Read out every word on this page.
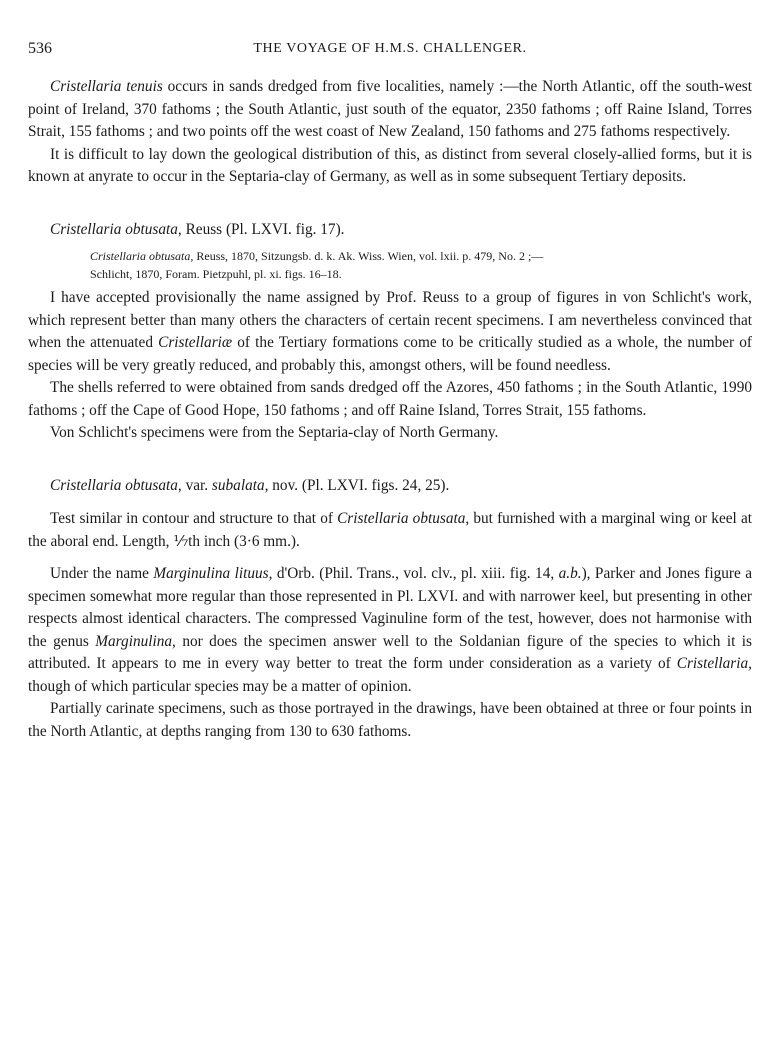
536	THE VOYAGE OF H.M.S. CHALLENGER.

Cristellaria tenuis occurs in sands dredged from five localities, namely :—the North Atlantic, off the south-west point of Ireland, 370 fathoms ; the South Atlantic, just south of the equator, 2350 fathoms ; off Raine Island, Torres Strait, 155 fathoms ; and two points off the west coast of New Zealand, 150 fathoms and 275 fathoms respectively.

It is difficult to lay down the geological distribution of this, as distinct from several closely-allied forms, but it is known at anyrate to occur in the Septaria-clay of Germany, as well as in some subsequent Tertiary deposits.

Cristellaria obtusata, Reuss (Pl. LXVI. fig. 17).
Cristellaria obtusata, Reuss, 1870, Sitzungsb. d. k. Ak. Wiss. Wien, vol. lxii. p. 479, No. 2 ;—
Schlicht, 1870, Foram. Pietzpuhl, pl. xi. figs. 16–18.

I have accepted provisionally the name assigned by Prof. Reuss to a group of figures in von Schlicht's work, which represent better than many others the characters of certain recent specimens. I am nevertheless convinced that when the attenuated Cristellariæ of the Tertiary formations come to be critically studied as a whole, the number of species will be very greatly reduced, and probably this, amongst others, will be found needless.

The shells referred to were obtained from sands dredged off the Azores, 450 fathoms ; in the South Atlantic, 1990 fathoms ; off the Cape of Good Hope, 150 fathoms ; and off Raine Island, Torres Strait, 155 fathoms.

Von Schlicht's specimens were from the Septaria-clay of North Germany.

Cristellaria obtusata, var. subalata, nov. (Pl. LXVI. figs. 24, 25).

Test similar in contour and structure to that of Cristellaria obtusata, but furnished with a marginal wing or keel at the aboral end. Length, ⅐th inch (3·6 mm.).

Under the name Marginulina lituus, d'Orb. (Phil. Trans., vol. clv., pl. xiii. fig. 14, a.b.), Parker and Jones figure a specimen somewhat more regular than those represented in Pl. LXVI. and with narrower keel, but presenting in other respects almost identical characters. The compressed Vaginuline form of the test, however, does not harmonise with the genus Marginulina, nor does the specimen answer well to the Soldanian figure of the species to which it is attributed. It appears to me in every way better to treat the form under consideration as a variety of Cristellaria, though of which particular species may be a matter of opinion.

Partially carinate specimens, such as those portrayed in the drawings, have been obtained at three or four points in the North Atlantic, at depths ranging from 130 to 630 fathoms.
